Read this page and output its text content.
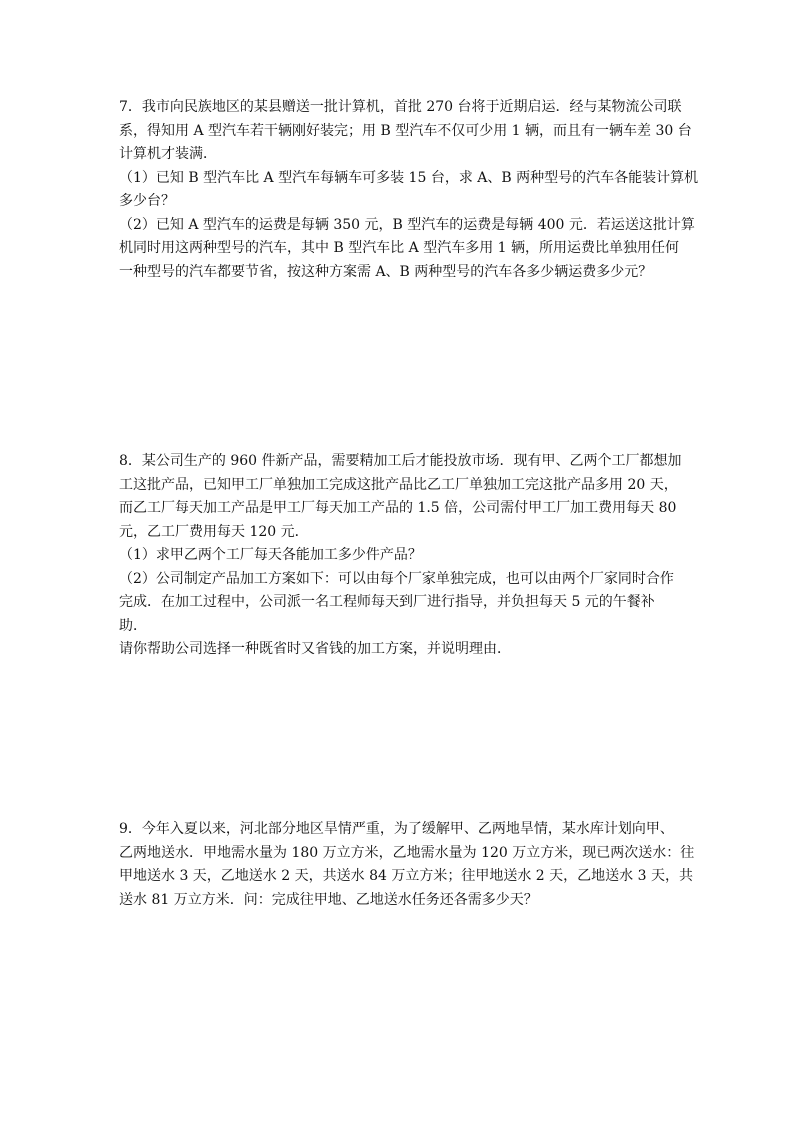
7．我市向民族地区的某县赠送一批计算机，首批 270 台将于近期启运．经与某物流公司联
系，得知用 A 型汽车若干辆刚好装完；用 B 型汽车不仅可少用 1 辆，而且有一辆车差 30 台
计算机才装满．
（1）已知 B 型汽车比 A 型汽车每辆车可多装 15 台，求 A、B 两种型号的汽车各能装计算机
多少台？
（2）已知 A 型汽车的运费是每辆 350 元，B 型汽车的运费是每辆 400 元．若运送这批计算
机同时用这两种型号的汽车，其中 B 型汽车比 A 型汽车多用 1 辆，所用运费比单独用任何
一种型号的汽车都要节省，按这种方案需 A、B 两种型号的汽车各多少辆运费多少元？
8．某公司生产的 960 件新产品，需要精加工后才能投放市场．现有甲、乙两个工厂都想加
工这批产品，已知甲工厂单独加工完成这批产品比乙工厂单独加工完这批产品多用 20 天，
而乙工厂每天加工产品是甲工厂每天加工产品的 1.5 倍，公司需付甲工厂加工费用每天 80
元，乙工厂费用每天 120 元．
（1）求甲乙两个工厂每天各能加工多少件产品？
（2）公司制定产品加工方案如下：可以由每个厂家单独完成，也可以由两个厂家同时合作
完成．在加工过程中，公司派一名工程师每天到厂进行指导，并负担每天 5 元的午餐补
助．
请你帮助公司选择一种既省时又省钱的加工方案，并说明理由．
9．今年入夏以来，河北部分地区旱情严重，为了缓解甲、乙两地旱情，某水库计划向甲、
乙两地送水．甲地需水量为 180 万立方米，乙地需水量为 120 万立方米，现已两次送水：往
甲地送水 3 天，乙地送水 2 天，共送水 84 万立方米；往甲地送水 2 天，乙地送水 3 天，共
送水 81 万立方米．问：完成往甲地、乙地送水任务还各需多少天？
